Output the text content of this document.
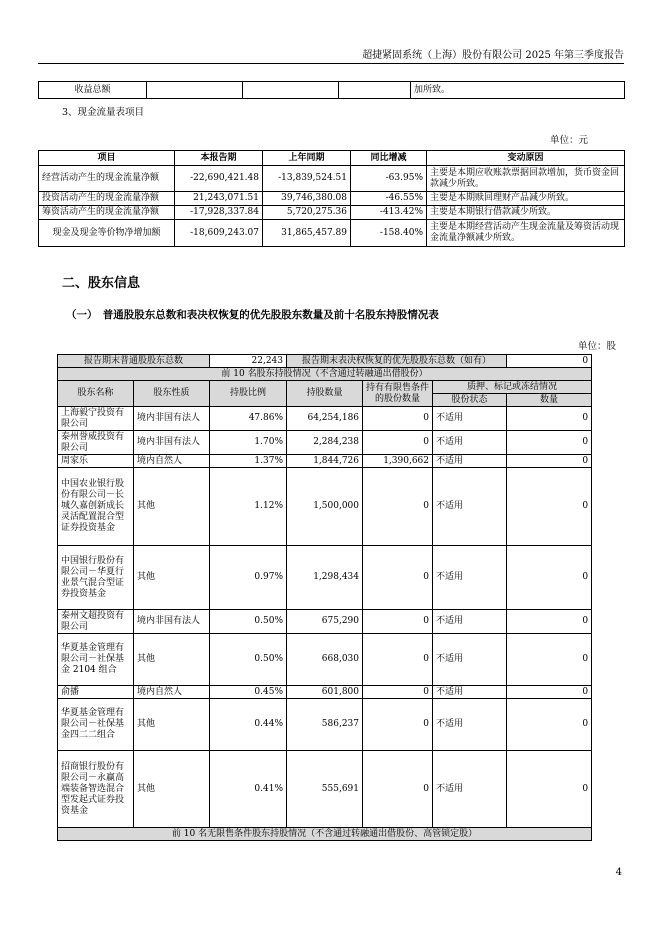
超捷紧固系统（上海）股份有限公司 2025 年第三季度报告
收益总额				加所致。
3、现金流量表项目
单位：元
项目	本报告期	上年同期	同比增减	变动原因
经营活动产生的现金流量净额	-22,690,421.48	-13,839,524.51	-63.95%	主要是本期应收账款票据回款增加，货币资金回款减少所致。
投资活动产生的现金流量净额	21,243,071.51	39,746,380.08	-46.55%	主要是本期赎回理财产品减少所致。
筹资活动产生的现金流量净额	-17,928,337.84	5,720,275.36	-413.42%	主要是本期银行借款减少所致。
现金及现金等价物净增加额	-18,609,243.07	31,865,457.89	-158.40%	主要是本期经营活动产生现金流量及筹资活动现金流量净额减少所致。
二、股东信息
（一）　普通股股东总数和表决权恢复的优先股股东数量及前十名股东持股情况表
单位：股
报告期末普通股股东总数		22,243	报告期末表决权恢复的优先股股东总数（如有）			0
前 10 名股东持股情况（不含通过转融通出借股份）						
股东名称	股东性质	持股比例	持股数量	持有有限售条件的股份数量	质押、标记或冻结情况	
					股份状态	数量
上海毅宁投资有限公司	境内非国有法人	47.86%	64,254,186	0	不适用	0
泰州誉威投资有限公司	境内非国有法人	1.70%	2,284,238	0	不适用	0
周家乐	境内自然人	1.37%	1,844,726	1,390,662	不适用	0
中国农业银行股份有限公司－长城久嘉创新成长灵活配置混合型证券投资基金	其他	1.12%	1,500,000	0	不适用	0
中国银行股份有限公司－华夏行业景气混合型证券投资基金	其他	0.97%	1,298,434	0	不适用	0
泰州文超投资有限公司	境内非国有法人	0.50%	675,290	0	不适用	0
华夏基金管理有限公司－社保基金 2104 组合	其他	0.50%	668,030	0	不适用	0
俞播	境内自然人	0.45%	601,800	0	不适用	0
华夏基金管理有限公司－社保基金四二二组合	其他	0.44%	586,237	0	不适用	0
招商银行股份有限公司－永赢高端装备智选混合型发起式证券投资基金	其他	0.41%	555,691	0	不适用	0
前 10 名无限售条件股东持股情况（不含通过转融通出借股份、高管锁定股）						
4
